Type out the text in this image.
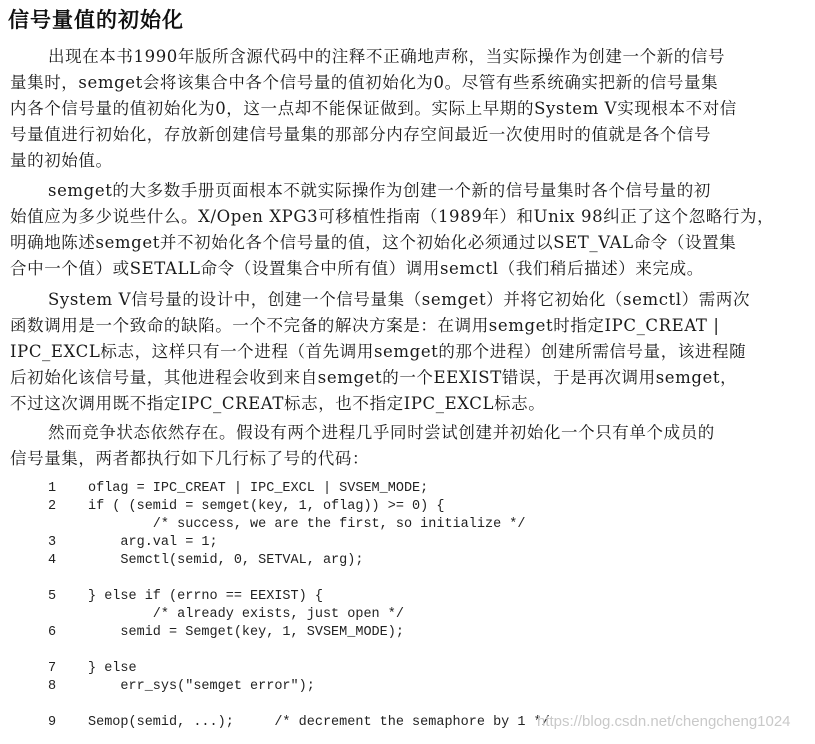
信号量值的初始化
出现在本书1990年版所含源代码中的注释不正确地声称，当实际操作为创建一个新的信号
量集时，semget会将该集合中各个信号量的值初始化为0。尽管有些系统确实把新的信号量集
内各个信号量的值初始化为0，这一点却不能保证做到。实际上早期的System V实现根本不对信
号量值进行初始化，存放新创建信号量集的那部分内存空间最近一次使用时的值就是各个信号
量的初始值。
semget的大多数手册页面根本不就实际操作为创建一个新的信号量集时各个信号量的初
始值应为多少说些什么。X/Open XPG3可移植性指南（1989年）和Unix 98纠正了这个忽略行为，
明确地陈述semget并不初始化各个信号量的值，这个初始化必须通过以SET_VAL命令（设置集
合中一个值）或SETALL命令（设置集合中所有值）调用semctl（我们稍后描述）来完成。
System V信号量的设计中，创建一个信号量集（semget）并将它初始化（semctl）需两次
函数调用是一个致命的缺陷。一个不完备的解决方案是：在调用semget时指定IPC_CREAT |
IPC_EXCL标志，这样只有一个进程（首先调用semget的那个进程）创建所需信号量，该进程随
后初始化该信号量，其他进程会收到来自semget的一个EEXIST错误，于是再次调用semget，
不过这次调用既不指定IPC_CREAT标志，也不指定IPC_EXCL标志。
然而竞争状态依然存在。假设有两个进程几乎同时尝试创建并初始化一个只有单个成员的
信号量集，两者都执行如下几行标了号的代码：
1	oflag = IPC_CREAT | IPC_EXCL | SVSEM_MODE;
2	if ( (semid = semget(key, 1, oflag)) >= 0) {
/* success, we are the first, so initialize */
3	arg.val = 1;
4	Semctl(semid, 0, SETVAL, arg);
5	} else if (errno == EEXIST) {
/* already exists, just open */
6	semid = Semget(key, 1, SVSEM_MODE);
7	} else
8	err_sys("semget error");
9	Semop(semid, ...);     /* decrement the semaphore by 1 */
https://blog.csdn.net/chengcheng1024
